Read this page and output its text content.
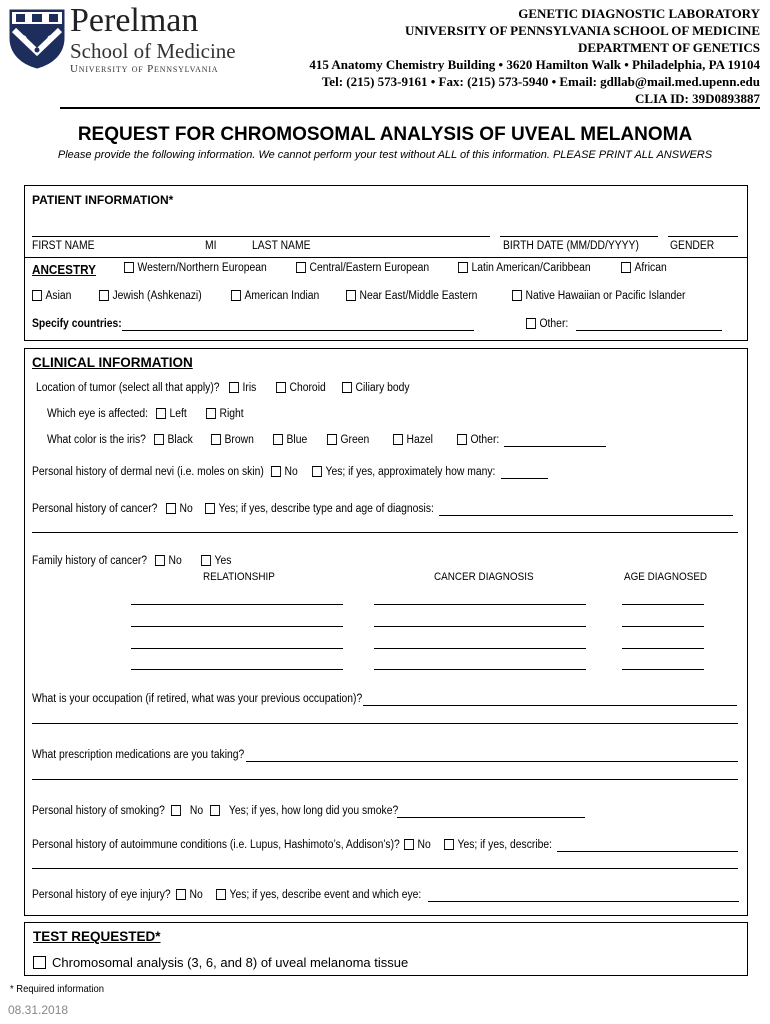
Perelman
School of Medicine
University of Pennsylvania
GENETIC DIAGNOSTIC LABORATORY
UNIVERSITY OF PENNSYLVANIA SCHOOL OF MEDICINE
DEPARTMENT OF GENETICS
415 Anatomy Chemistry Building • 3620 Hamilton Walk • Philadelphia, PA 19104
Tel: (215) 573-9161 • Fax: (215) 573-5940 • Email: gdllab@mail.med.upenn.edu
CLIA ID: 39D0893887
REQUEST FOR CHROMOSOMAL ANALYSIS OF UVEAL MELANOMA
Please provide the following information. We cannot perform your test without ALL of this information. PLEASE PRINT ALL ANSWERS
PATIENT INFORMATION*
FIRST NAME	MI	LAST NAME	BIRTH DATE (MM/DD/YYYY)	GENDER
ANCESTRY	Western/Northern European	Central/Eastern European	Latin American/Caribbean	African
Asian	Jewish (Ashkenazi)	American Indian	Near East/Middle Eastern	Native Hawaiian or Pacific Islander
Specify countries:	Other:
CLINICAL INFORMATION
Location of tumor (select all that apply)?	Iris	Choroid	Ciliary body
Which eye is affected:	Left	Right
What color is the iris?	Black	Brown	Blue	Green	Hazel	Other:
Personal history of dermal nevi (i.e. moles on skin)	No	Yes; if yes, approximately how many:
Personal history of cancer?	No	Yes; if yes, describe type and age of diagnosis:
Family history of cancer?	No	Yes
RELATIONSHIP	CANCER DIAGNOSIS	AGE DIAGNOSED
What is your occupation (if retired, what was your previous occupation)?
What prescription medications are you taking?
Personal history of smoking?	No	Yes; if yes, how long did you smoke?
Personal history of autoimmune conditions (i.e. Lupus, Hashimoto’s, Addison’s)?	No	Yes; if yes, describe:
Personal history of eye injury?	No	Yes; if yes, describe event and which eye:
TEST REQUESTED*
Chromosomal analysis (3, 6, and 8) of uveal melanoma tissue
* Required information
08.31.2018
